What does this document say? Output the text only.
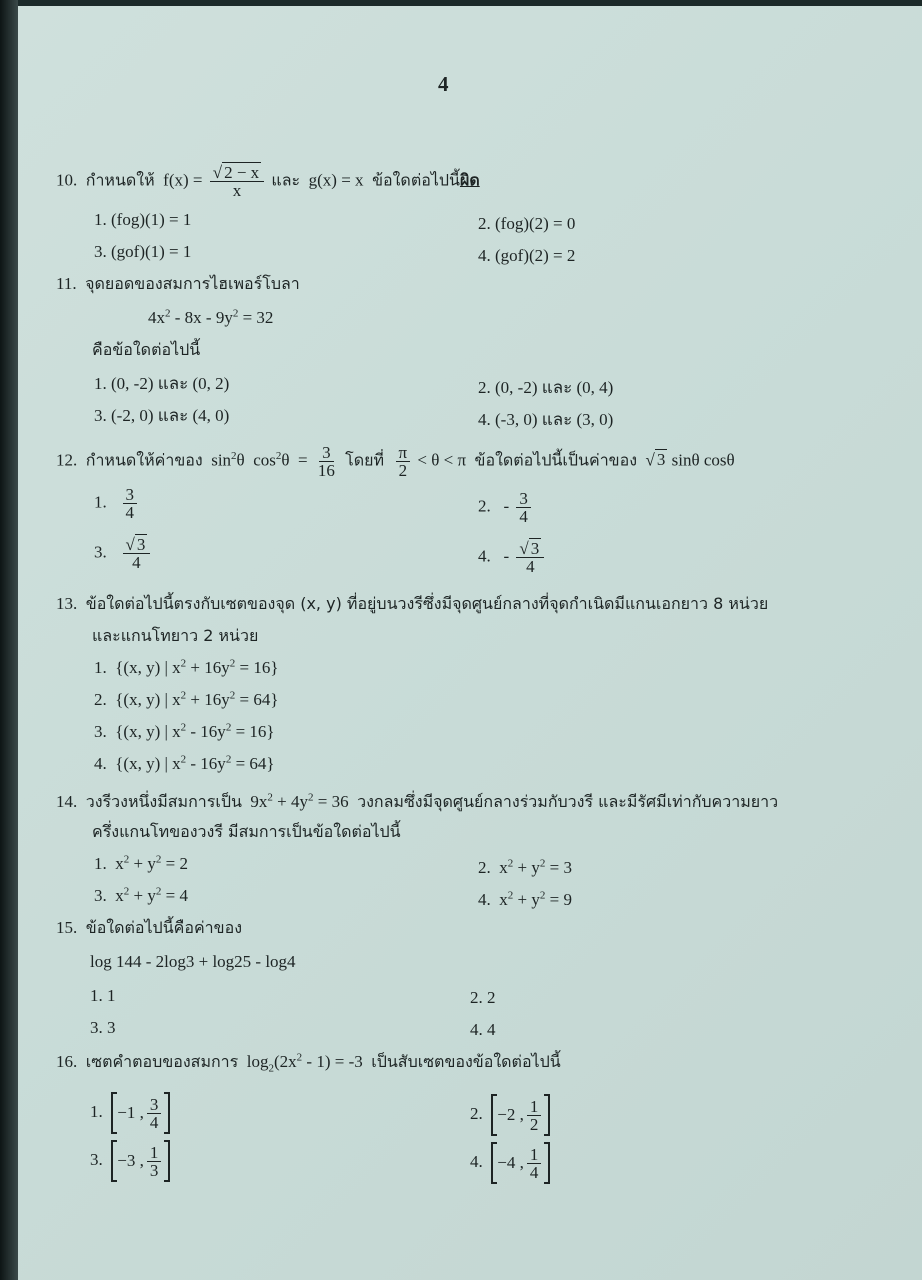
4
10. กำหนดให้ $f(x) = \frac{√ 2 - x}{x}$ และ g(x) = x ข้อใดต่อไปนี้ผิด
1. (fog)(1) = 1	2. (fog)(2) = 0
3. (gof)(1) = 1	4. (gof)(2) = 2
11. จุดยอดของสมการไฮเพอร์โบลา
$4x^2 - 8x - 9y^2 = 32$
คือข้อใดต่อไปนี้
1. (0, -2) และ (0, 2)	2. (0, -2) และ (0, 4)
3. (-2, 0) และ (4, 0)	4. (-3, 0) และ (3, 0)
12. กำหนดให้ค่าของ $\sin^2\theta$ $\cos^2\theta = \frac{3}{16}$ โดยที่ $\frac{\pi}{2} < \theta < \pi$ ข้อใดต่อไปนี้เป็นค่าของ  √ 3 sinθ cosθ
1. $\frac{3}{4}$	2. - $\frac{3}{4}$
3. $\frac{√ 3}{4}$	4. - $\frac{√ 3}{4}$
13. ข้อใดต่อไปนี้ตรงกับเซตของจุด (x, y) ที่อยู่บนวงรีซึ่งมีจุดศูนย์กลางที่จุดกำเนิดมีแกนเอกยาว 8 หน่วย
และแกนโทยาว 2 หน่วย
1. {(x, y) | $x^2 + 16y^2 = 16$}
2. {(x, y) | $x^2 + 16y^2 = 64$}
3. {(x, y) | $x^2 - 16y^2 = 16$}
4. {(x, y) | $x^2 - 16y^2 = 64$}
14. วงรีวงหนึ่งมีสมการเป็น $9x^2 + 4y^2 = 36$ วงกลมซึ่งมีจุดศูนย์กลางร่วมกับวงรี และมีรัศมีเท่ากับความยาว
ครึ่งแกนโทของวงรี มีสมการเป็นข้อใดต่อไปนี้
1. $x^2 + y^2 = 2$	2. $x^2 + y^2 = 3$
3. $x^2 + y^2 = 4$	4. $x^2 + y^2 = 9$
15. ข้อใดต่อไปนี้คือค่าของ
log 144 - 2log3 + log25 - log4
1. 1	2. 2
3. 3	4. 4
16. เซตคำตอบของสมการ $\log_2(2x^2 - 1) = -3$ เป็นสับเซตของข้อใดต่อไปนี้
1. −1 , $\frac{3}{4}$	2. −2 , $\frac{1}{2}$
3. −3 , $\frac{1}{3}$	4. −4 , $\frac{1}{4}$
